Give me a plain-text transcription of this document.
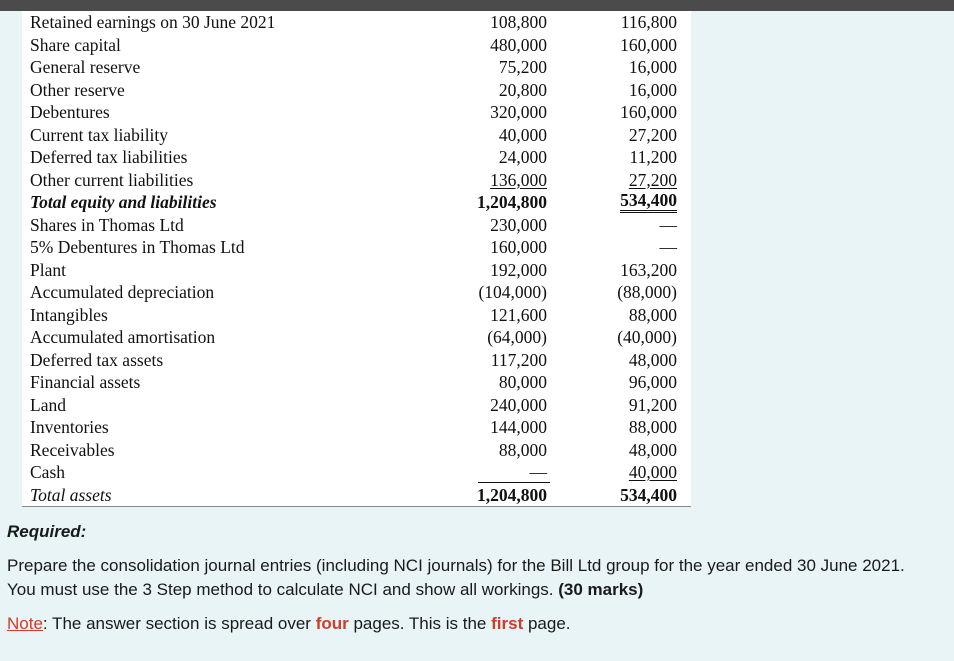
Retained earnings on 30 June 2021	108,800	116,800
Share capital	480,000	160,000
General reserve	75,200	16,000
Other reserve	20,800	16,000
Debentures	320,000	160,000
Current tax liability	40,000	27,200
Deferred tax liabilities	24,000	11,200
Other current liabilities	136,000	27,200
Total equity and liabilities	1,204,800	534,400
Shares in Thomas Ltd	230,000	—
5% Debentures in Thomas Ltd	160,000	—
Plant	192,000	163,200
Accumulated depreciation	(104,000)	(88,000)
Intangibles	121,600	88,000
Accumulated amortisation	(64,000)	(40,000)
Deferred tax assets	117,200	48,000
Financial assets	80,000	96,000
Land	240,000	91,200
Inventories	144,000	88,000
Receivables	88,000	48,000
Cash	—	40,000
Total assets	1,204,800	534,400
Required:
Prepare the consolidation journal entries (including NCI journals) for the Bill Ltd group for the year ended 30 June 2021. You must use the 3 Step method to calculate NCI and show all workings. (30 marks)
Note: The answer section is spread over four pages. This is the first page.
